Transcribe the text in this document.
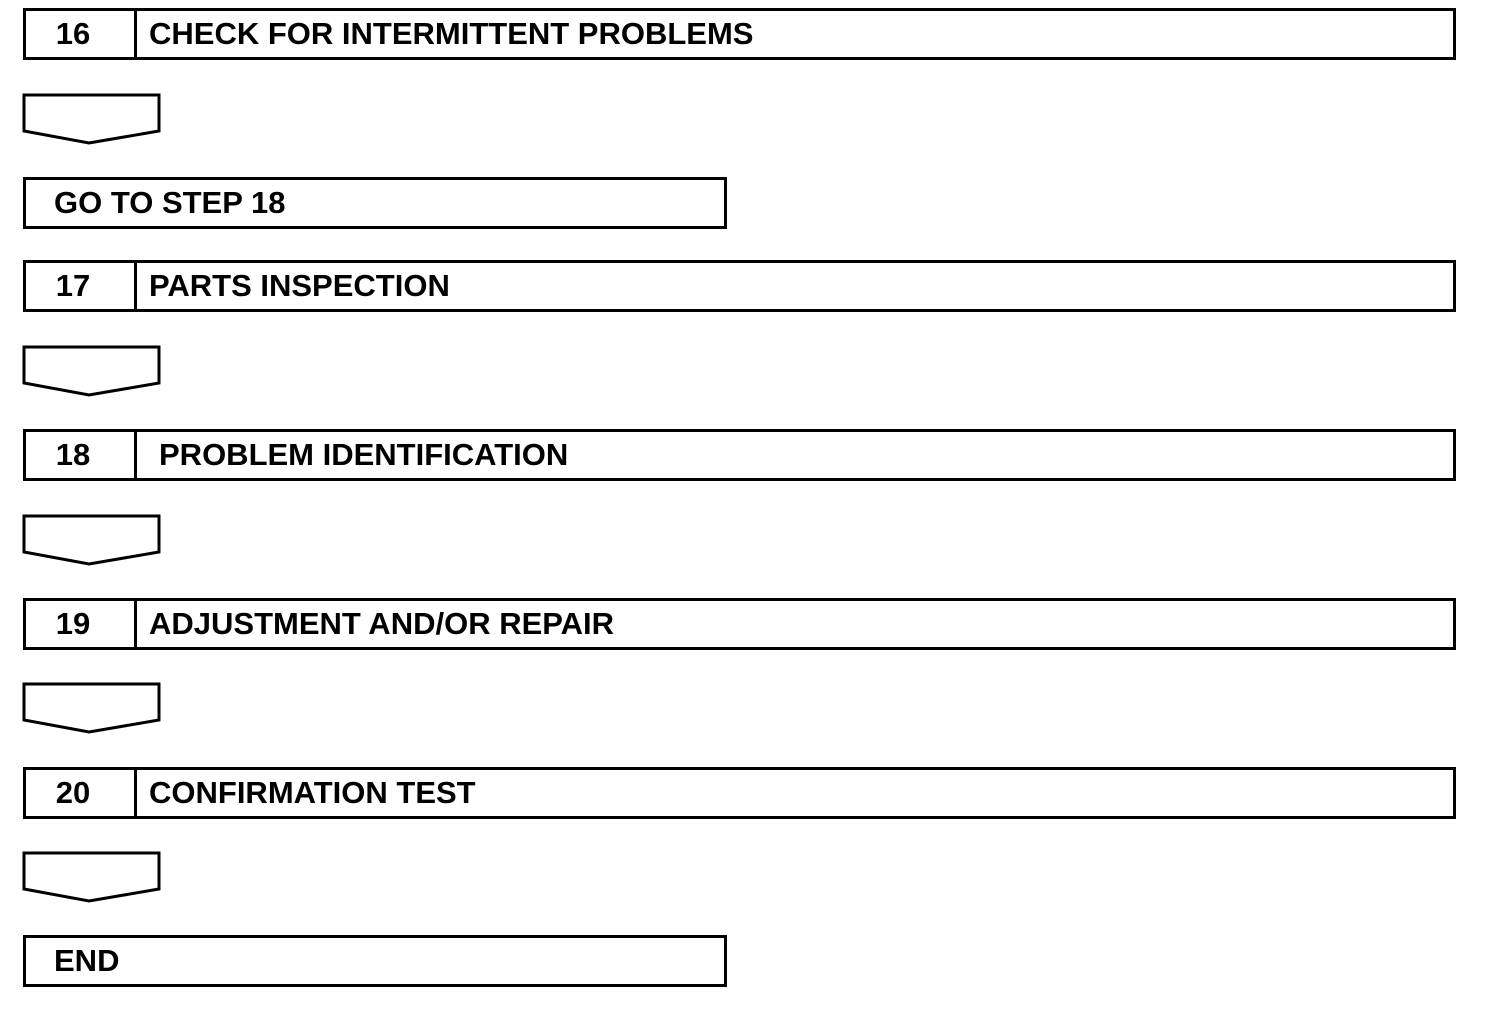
16	CHECK FOR INTERMITTENT PROBLEMS
GO TO STEP 18
17	PARTS INSPECTION
18	PROBLEM IDENTIFICATION
19	ADJUSTMENT AND/OR REPAIR
20	CONFIRMATION TEST
END
